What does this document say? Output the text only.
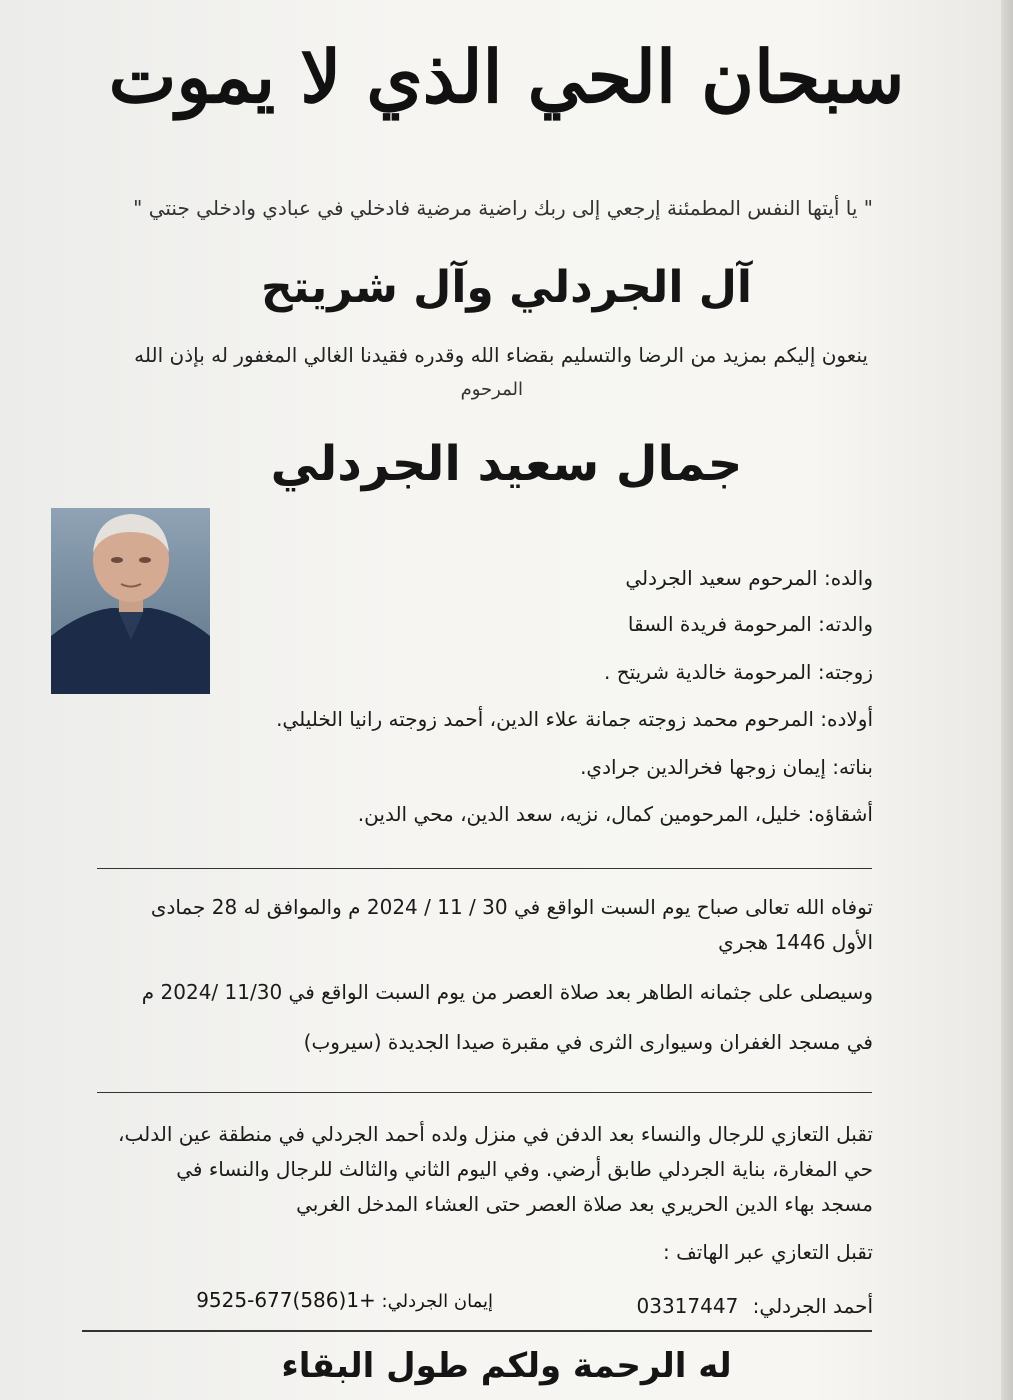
سبحان الحي الذي لا يموت
" يا أيتها النفس المطمئنة إرجعي إلى ربك راضية مرضية فادخلي في عبادي وادخلي جنتي "
آل الجردلي وآل شريتح
ينعون إليكم بمزيد من الرضا والتسليم بقضاء الله وقدره فقيدنا الغالي المغفور له بإذن الله
المرحوم
جمال سعيد الجردلي
والده: المرحوم سعيد الجردلي
والدته: المرحومة فريدة السقا
زوجته: المرحومة خالدية شريتح .
أولاده: المرحوم محمد زوجته جمانة علاء الدين، أحمد زوجته رانيا الخليلي.
بناته: إيمان زوجها فخرالدين جرادي.
أشقاؤه: خليل، المرحومين كمال، نزيه، سعد الدين، محي الدين.
توفاه الله تعالى صباح يوم السبت الواقع في 30 / 11 / 2024 م والموافق له 28 جمادى
الأول 1446 هجري
وسيصلى على جثمانه الطاهر بعد صلاة العصر من يوم السبت الواقع في 11/30 /2024 م
في مسجد الغفران وسيوارى الثرى في مقبرة صيدا الجديدة (سيروب)
تقبل التعازي للرجال والنساء بعد الدفن في منزل ولده أحمد الجردلي في منطقة عين الدلب،
حي المغارة، بناية الجردلي طابق أرضي. وفي اليوم الثاني والثالث للرجال والنساء في
مسجد بهاء الدين الحريري بعد صلاة العصر حتى العشاء المدخل الغربي
تقبل التعازي عبر الهاتف :
أحمد الجردلي: 03317447
إيمان الجردلي: +1(586)677-9525
له الرحمة ولكم طول البقاء
